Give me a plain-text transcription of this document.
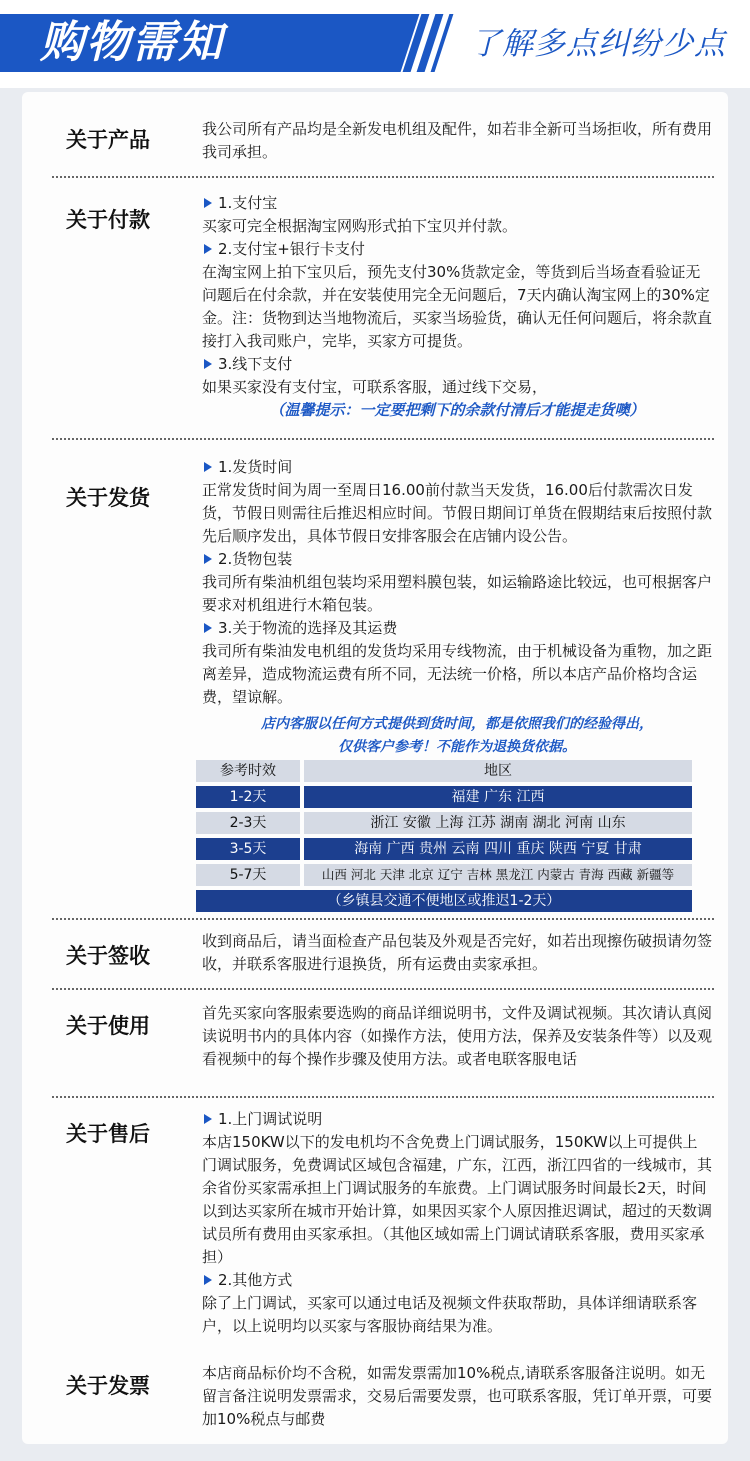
购物需知	了解多点纠纷少点
关于产品	我公司所有产品均是全新发电机组及配件，如若非全新可当场拒收，所有费用我司承担。

关于付款

1.支付宝

买家可完全根据淘宝网购形式拍下宝贝并付款。

2.支付宝+银行卡支付

在淘宝网上拍下宝贝后，预先支付30%货款定金，等货到后当场查看验证无问题后在付余款，并在安装使用完全无问题后，7天内确认淘宝网上的30%定金。注：货物到达当地物流后，买家当场验货，确认无任何问题后，将余款直接打入我司账户，完毕，买家方可提货。

3.线下支付

如果买家没有支付宝，可联系客服，通过线下交易，

（温馨提示：一定要把剩下的余款付清后才能提走货噢）

关于发货

1.发货时间

正常发货时间为周一至周日16.00前付款当天发货，16.00后付款需次日发货，节假日则需往后推迟相应时间。节假日期间订单货在假期结束后按照付款先后顺序发出，具体节假日安排客服会在店铺内设公告。

2.货物包装

我司所有柴油机组包装均采用塑料膜包装，如运输路途比较远，也可根据客户要求对机组进行木箱包装。

3.关于物流的选择及其运费

我司所有柴油发电机组的发货均采用专线物流，由于机械设备为重物，加之距离差异，造成物流运费有所不同，无法统一价格，所以本店产品价格均含运费，望谅解。

店内客服以任何方式提供到货时间，都是依照我们的经验得出，

仅供客户参考！不能作为退换货依据。

参考时效	地区
1-2天	福建 广东 江西
2-3天	浙江 安徽 上海 江苏 湖南 湖北 河南 山东
3-5天	海南 广西 贵州 云南 四川 重庆 陕西 宁夏 甘肃
5-7天	山西 河北 天津 北京 辽宁 吉林 黑龙江 内蒙古 青海 西藏 新疆等
（乡镇县交通不便地区或推迟1-2天）
关于签收

收到商品后，请当面检查产品包装及外观是否完好，如若出现擦伤破损请勿签收，并联系客服进行退换货，所有运费由卖家承担。

关于使用

首先买家向客服索要选购的商品详细说明书，文件及调试视频。其次请认真阅读说明书内的具体内容（如操作方法，使用方法，保养及安装条件等）以及观看视频中的每个操作步骤及使用方法。或者电联客服电话

关于售后

1.上门调试说明

本店150KW以下的发电机均不含免费上门调试服务，150KW以上可提供上门调试服务，免费调试区域包含福建，广东，江西，浙江四省的一线城市，其余省份买家需承担上门调试服务的车旅费。上门调试服务时间最长2天，时间以到达买家所在城市开始计算，如果因买家个人原因推迟调试，超过的天数调试员所有费用由买家承担。（其他区域如需上门调试请联系客服，费用买家承担）

2.其他方式

除了上门调试，买家可以通过电话及视频文件获取帮助，具体详细请联系客户，以上说明均以买家与客服协商结果为准。

关于发票

本店商品标价均不含税，如需发票需加10%税点,请联系客服备注说明。如无留言备注说明发票需求，交易后需要发票，也可联系客服，凭订单开票，可要加10%税点与邮费
